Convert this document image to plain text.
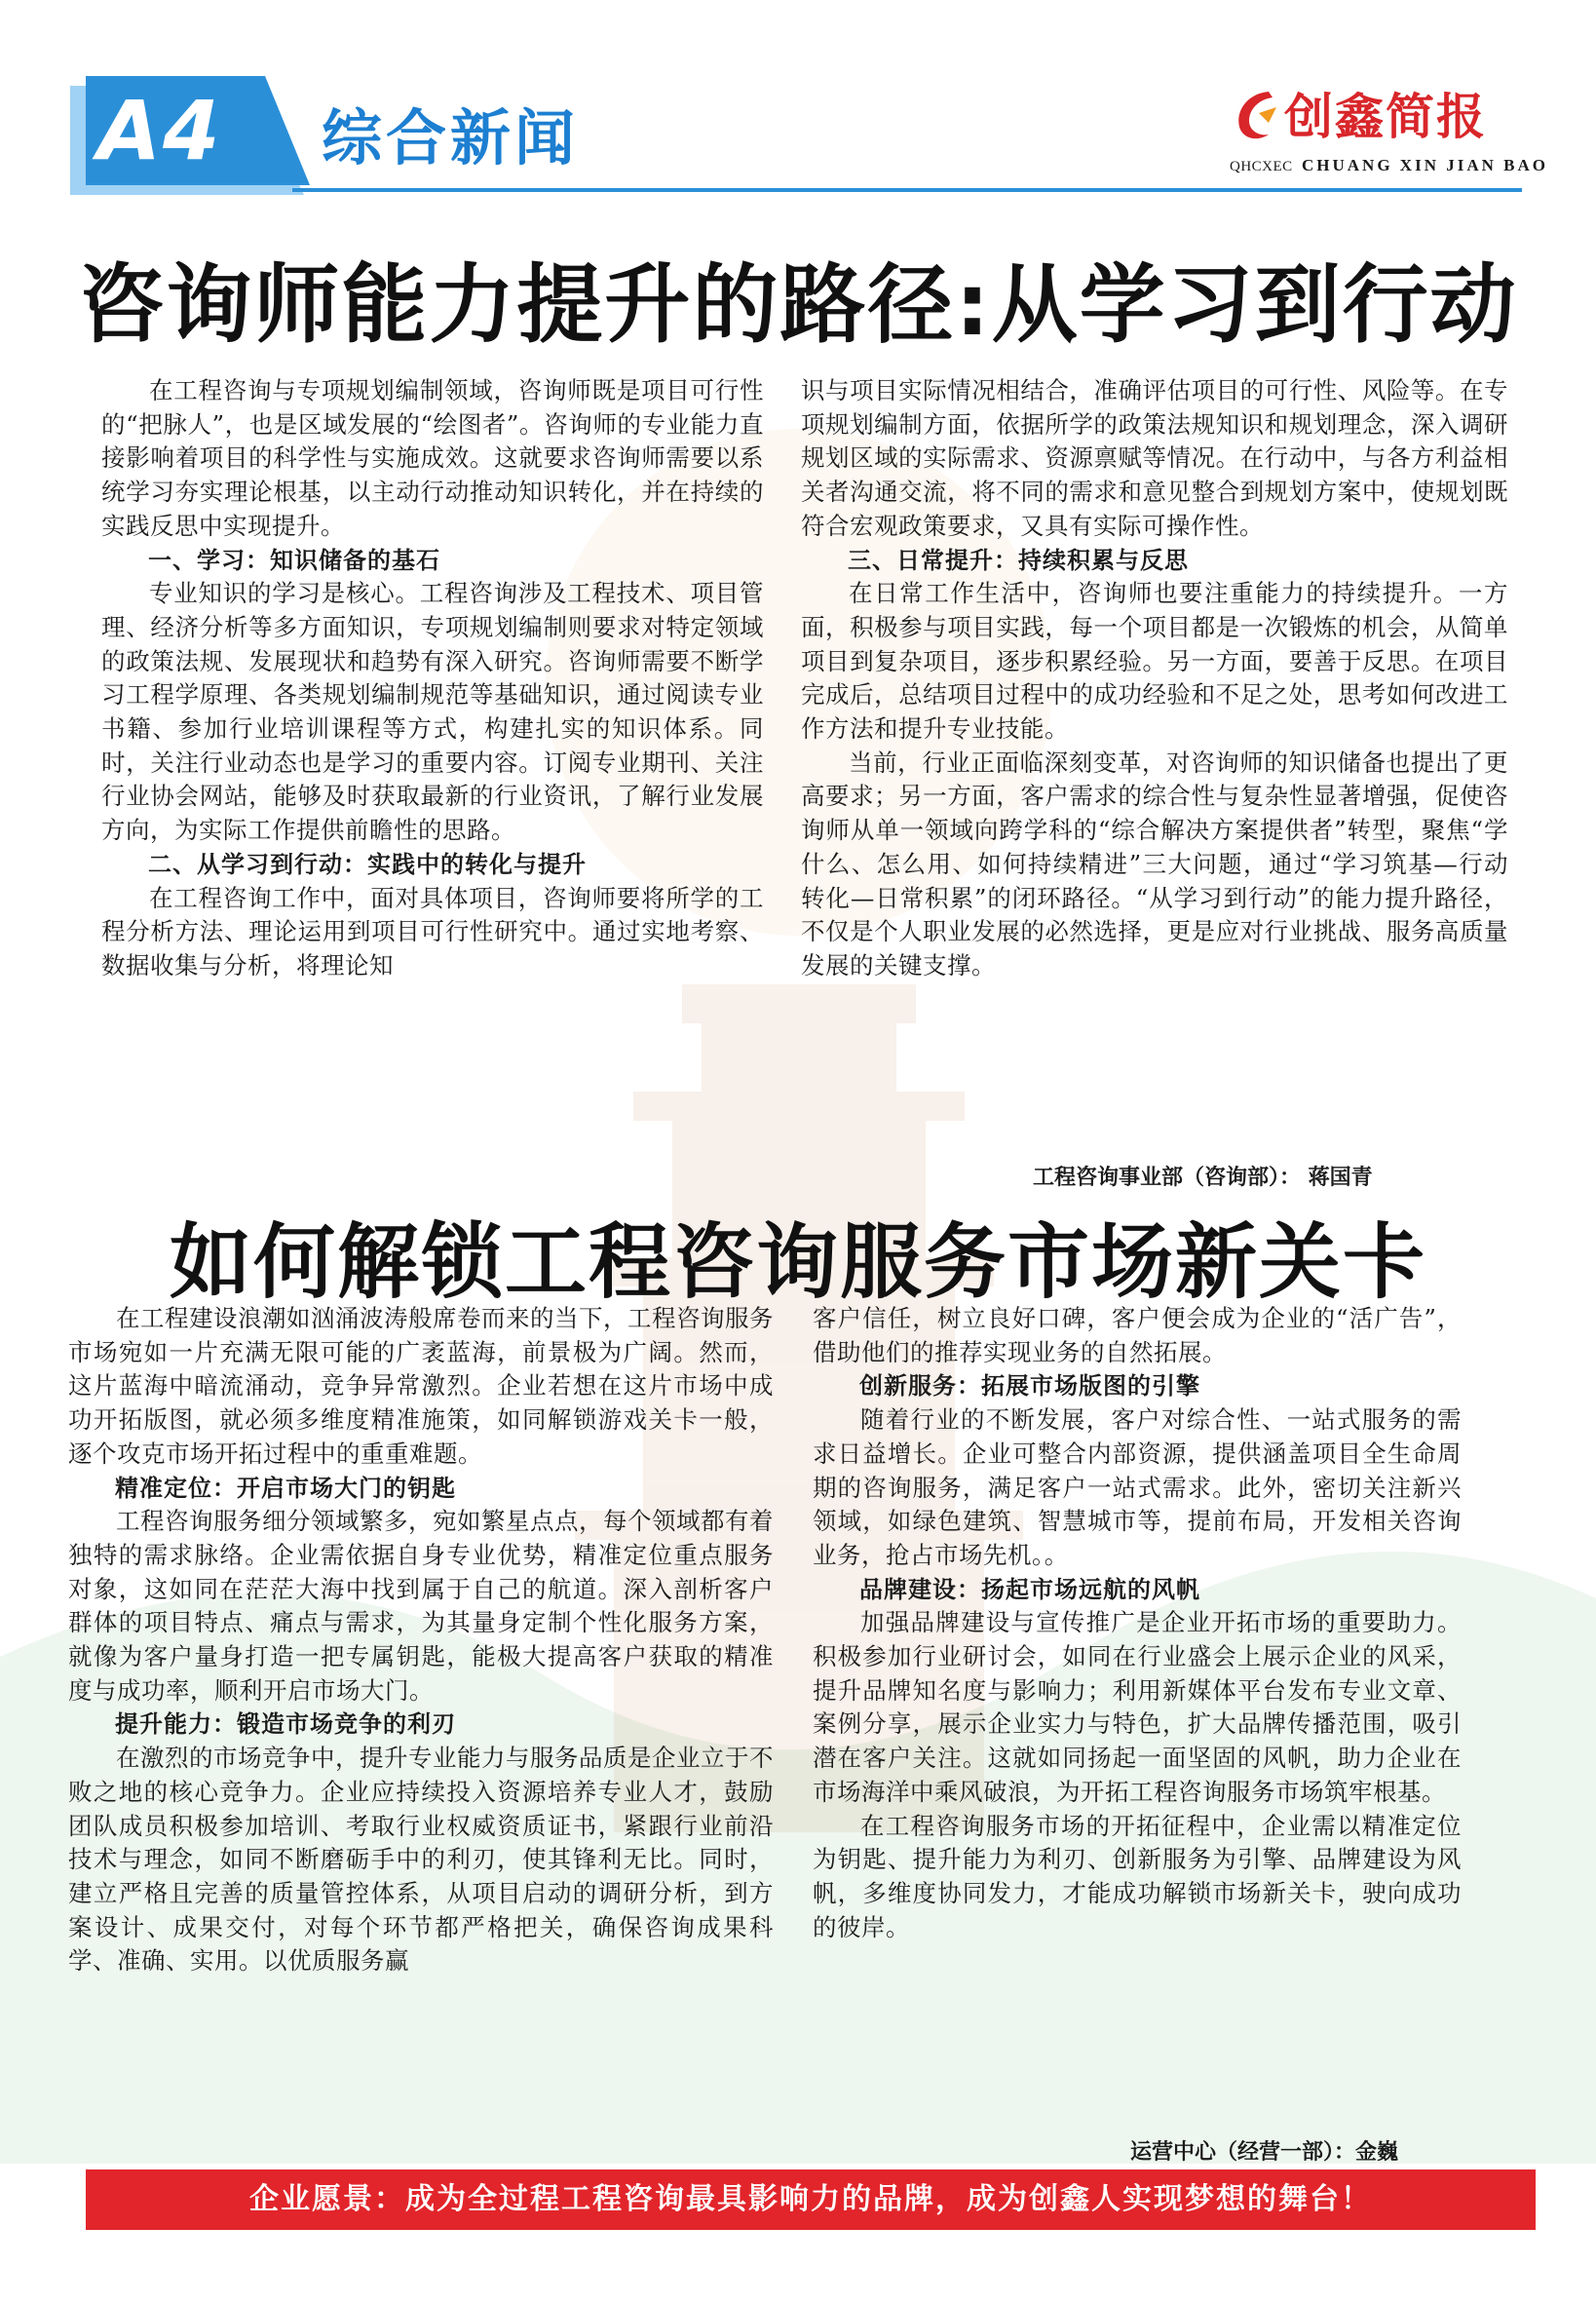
A4	综合新闻	创鑫简报
QHCXEC CHUANG XIN JIAN BAO
咨询师能力提升的路径:从学习到行动

在工程咨询与专项规划编制领域，咨询师既是项目可行性的“把脉人”，也是区域发展的“绘图者”。咨询师的专业能力直接影响着项目的科学性与实施成效。这就要求咨询师需要以系统学习夯实理论根基，以主动行动推动知识转化，并在持续的实践反思中实现提升。

一、学习：知识储备的基石

专业知识的学习是核心。工程咨询涉及工程技术、项目管理、经济分析等多方面知识，专项规划编制则要求对特定领域的政策法规、发展现状和趋势有深入研究。咨询师需要不断学习工程学原理、各类规划编制规范等基础知识，通过阅读专业书籍、参加行业培训课程等方式，构建扎实的知识体系。同时，关注行业动态也是学习的重要内容。订阅专业期刊、关注行业协会网站，能够及时获取最新的行业资讯，了解行业发展方向，为实际工作提供前瞻性的思路。

二、从学习到行动：实践中的转化与提升

在工程咨询工作中，面对具体项目，咨询师要将所学的工程分析方法、理论运用到项目可行性研究中。通过实地考察、数据收集与分析，将理论知

识与项目实际情况相结合，准确评估项目的可行性、风险等。在专项规划编制方面，依据所学的政策法规知识和规划理念，深入调研规划区域的实际需求、资源禀赋等情况。在行动中，与各方利益相关者沟通交流，将不同的需求和意见整合到规划方案中，使规划既符合宏观政策要求，又具有实际可操作性。

三、日常提升：持续积累与反思

在日常工作生活中，咨询师也要注重能力的持续提升。一方面，积极参与项目实践，每一个项目都是一次锻炼的机会，从简单项目到复杂项目，逐步积累经验。另一方面，要善于反思。在项目完成后，总结项目过程中的成功经验和不足之处，思考如何改进工作方法和提升专业技能。

当前，行业正面临深刻变革，对咨询师的知识储备也提出了更高要求；另一方面，客户需求的综合性与复杂性显著增强，促使咨询师从单一领域向跨学科的“综合解决方案提供者”转型，聚焦“学什么、怎么用、如何持续精进”三大问题，通过“学习筑基—行动转化—日常积累”的闭环路径。“从学习到行动”的能力提升路径，不仅是个人职业发展的必然选择，更是应对行业挑战、服务高质量发展的关键支撑。

工程咨询事业部（咨询部）： 蒋国青
如何解锁工程咨询服务市场新关卡

在工程建设浪潮如汹涌波涛般席卷而来的当下，工程咨询服务市场宛如一片充满无限可能的广袤蓝海，前景极为广阔。然而，这片蓝海中暗流涌动，竞争异常激烈。企业若想在这片市场中成功开拓版图，就必须多维度精准施策，如同解锁游戏关卡一般，逐个攻克市场开拓过程中的重重难题。

精准定位：开启市场大门的钥匙

工程咨询服务细分领域繁多，宛如繁星点点，每个领域都有着独特的需求脉络。企业需依据自身专业优势，精准定位重点服务对象，这如同在茫茫大海中找到属于自己的航道。深入剖析客户群体的项目特点、痛点与需求，为其量身定制个性化服务方案，就像为客户量身打造一把专属钥匙，能极大提高客户获取的精准度与成功率，顺利开启市场大门。

提升能力：锻造市场竞争的利刃

在激烈的市场竞争中，提升专业能力与服务品质是企业立于不败之地的核心竞争力。企业应持续投入资源培养专业人才，鼓励团队成员积极参加培训、考取行业权威资质证书，紧跟行业前沿技术与理念，如同不断磨砺手中的利刃，使其锋利无比。同时，建立严格且完善的质量管控体系，从项目启动的调研分析，到方案设计、成果交付，对每个环节都严格把关，确保咨询成果科学、准确、实用。以优质服务赢

客户信任，树立良好口碑，客户便会成为企业的“活广告”，借助他们的推荐实现业务的自然拓展。

创新服务：拓展市场版图的引擎

随着行业的不断发展，客户对综合性、一站式服务的需求日益增长。企业可整合内部资源，提供涵盖项目全生命周期的咨询服务，满足客户一站式需求。此外，密切关注新兴领域，如绿色建筑、智慧城市等，提前布局，开发相关咨询业务，抢占市场先机。。

品牌建设：扬起市场远航的风帆

加强品牌建设与宣传推广是企业开拓市场的重要助力。积极参加行业研讨会，如同在行业盛会上展示企业的风采，提升品牌知名度与影响力；利用新媒体平台发布专业文章、案例分享，展示企业实力与特色，扩大品牌传播范围，吸引潜在客户关注。这就如同扬起一面坚固的风帆，助力企业在市场海洋中乘风破浪，为开拓工程咨询服务市场筑牢根基。

在工程咨询服务市场的开拓征程中，企业需以精准定位为钥匙、提升能力为利刃、创新服务为引擎、品牌建设为风帆，多维度协同发力，才能成功解锁市场新关卡，驶向成功的彼岸。

运营中心（经营一部）：金巍
企业愿景：成为全过程工程咨询最具影响力的品牌，成为创鑫人实现梦想的舞台！
